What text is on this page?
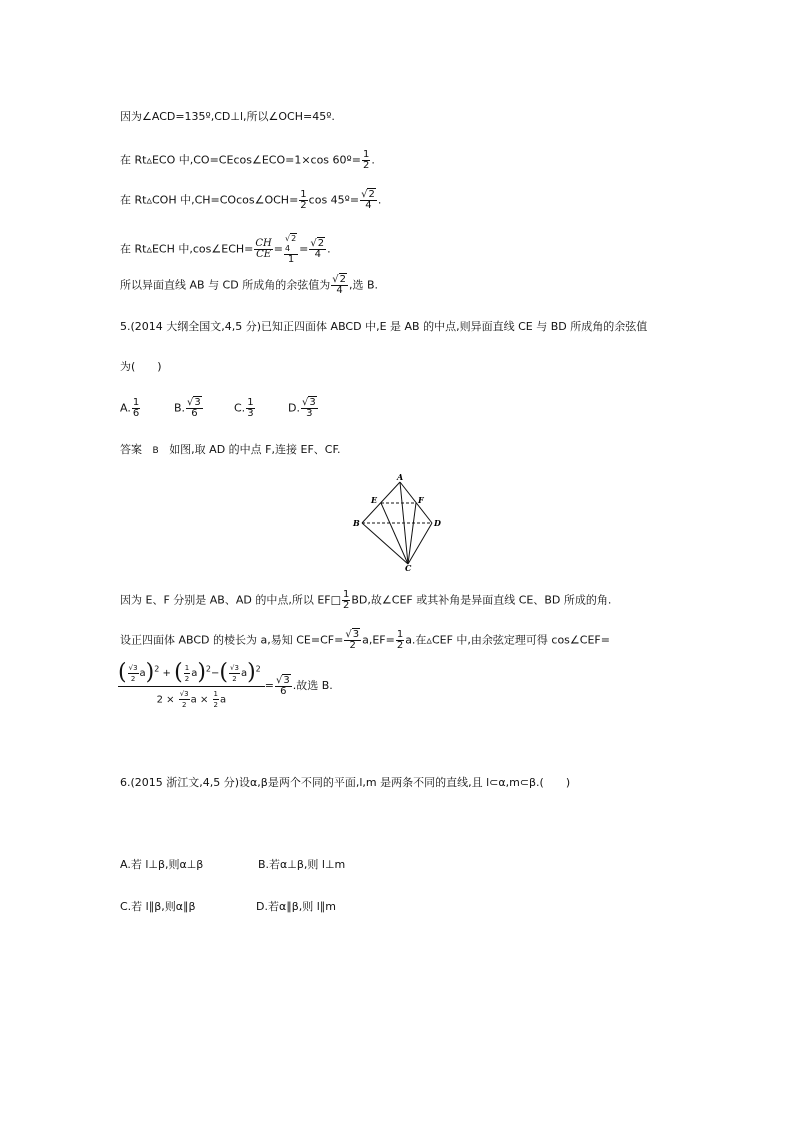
因为∠ACD=135º,CD⊥l,所以∠OCH=45º.
在 Rt▵ECO 中,CO=CEcos∠ECO=1×cos 60º= $\frac{1}{2}$ .
在 Rt▵COH 中,CH=COcos∠OCH= $\frac{1}{2}$ cos 45º= $\frac{√2}{4}$ .
在 Rt▵ECH 中,cos∠ECH= $\frac{CH}{CE}$ =
√2
4
1
= $\frac{√2}{4}$ .
所以异面直线 AB 与 CD 所成角的余弦值为 $\frac{√2}{4}$ ,选 B.
5.(2014 大纲全国文,4,5 分)已知正四面体 ABCD 中,E 是 AB 的中点,则异面直线 CE 与 BD 所成角的余弦值
为(　　)
A. $\frac{1}{6}$	B. $\frac{√3}{6}$	C. $\frac{1}{3}$	D. $\frac{√3}{3}$
答案 B 如图,取 AD 的中点 F,连接 EF、CF.
A
B
C
D
E	F
因为 E、F 分别是 AB、AD 的中点,所以 EF□ $\frac{1}{2}$ BD,故∠CEF 或其补角是异面直线 CE、BD 所成的角.
设正四面体 ABCD 的棱长为 a,易知 $CE=CF= \frac{√3}{2} a,EF= \frac{1}{2} a$.在▵CEF 中,由余弦定理可得 cos∠CEF=
$\frac{( \frac{√3}{2} a)^2 + ( \frac{1}{2} a)^2-( \frac{√3}{2} a)^2}{2 \times \frac{√3}{2} a \times \frac{1}{2} a} = \frac{√3}{6}$ .故选 B.
6.(2015 浙江文,4,5 分)设α,β是两个不同的平面,l,m 是两条不同的直线,且 l⊂α,m⊂β.(　　)
A.若 l⊥β,则α⊥β	B.若α⊥β,则 l⊥m
C.若 l∥β,则α∥β	D.若α∥β,则 l∥m
